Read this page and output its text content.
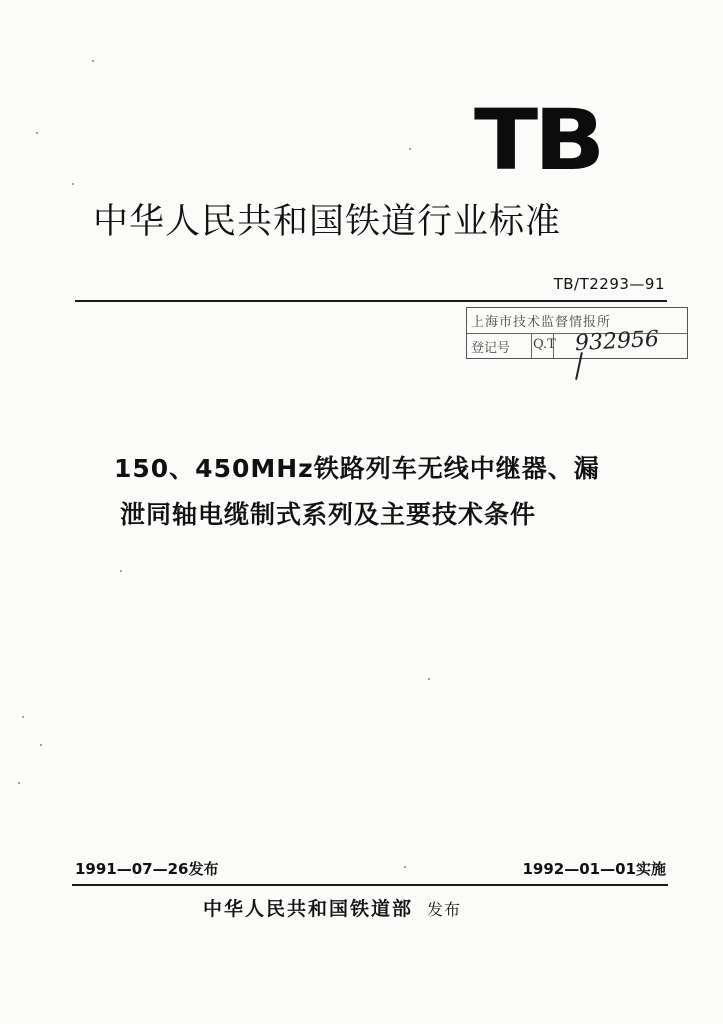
TB
中华人民共和国铁道行业标准
TB/T2293—91
上海市技术监督情报所
登记号 Q.T 932956
150、450MHz铁路列车无线中继器、漏
泄同轴电缆制式系列及主要技术条件
1991—07—26发布	1992—01—01实施
中华人民共和国铁道部 发布
